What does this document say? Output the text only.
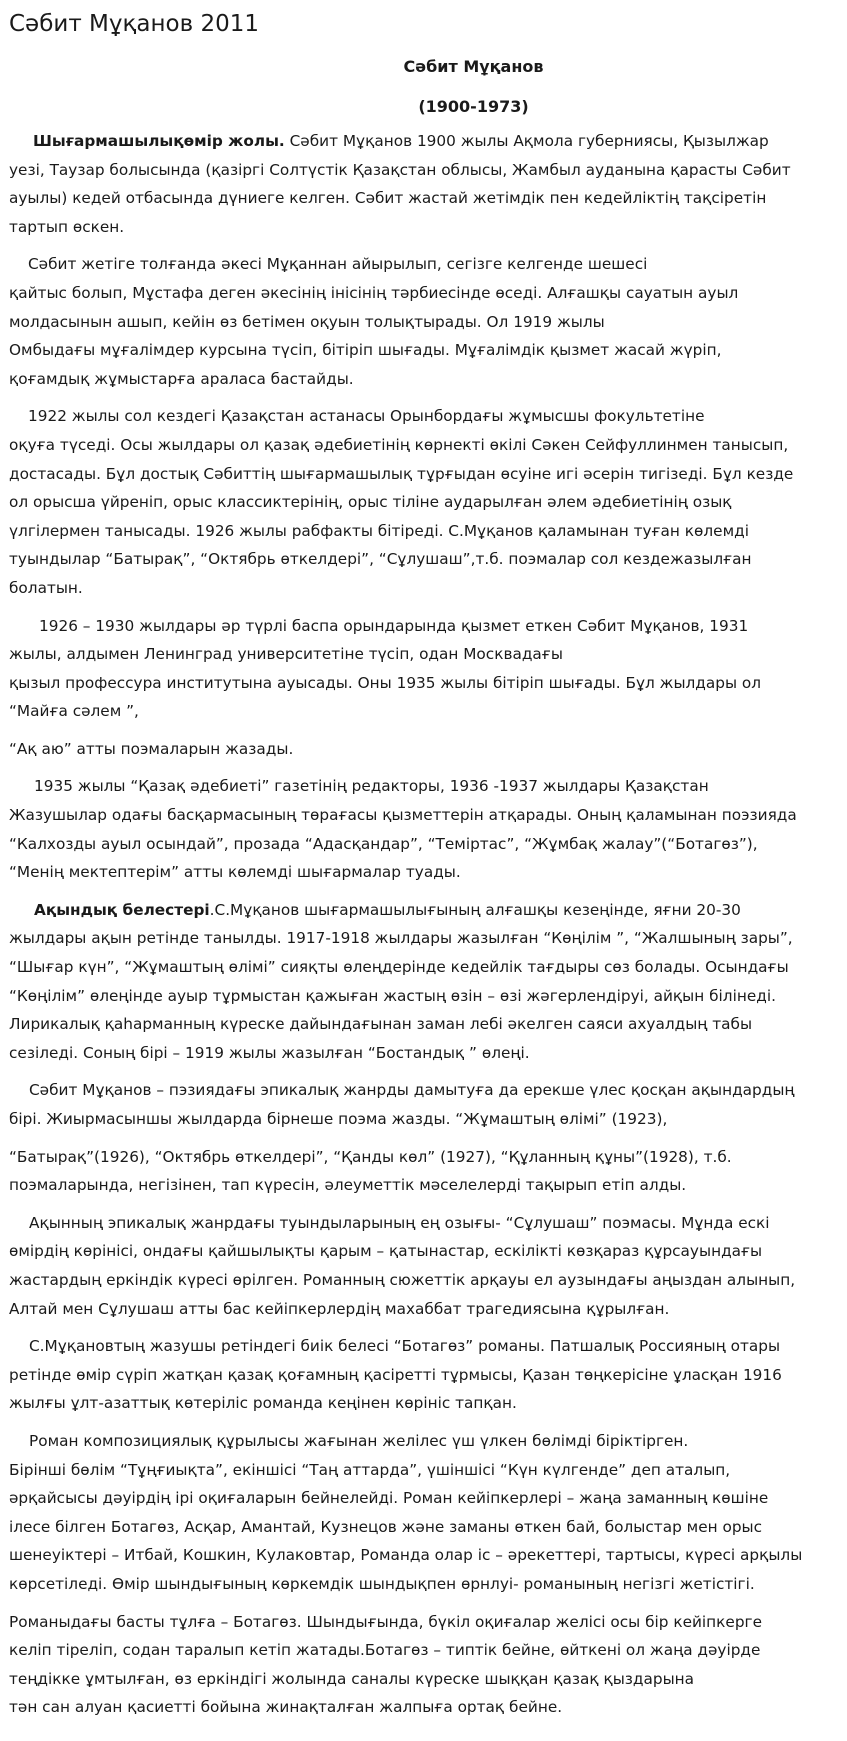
Сәбит Мұқанов 2011

Сәбит Мұқанов

(1900-1973)

Шығармашылықөмір жолы. Сәбит Мұқанов 1900 жылы Ақмола губерниясы, Қызылжар
уезі, Таузар болысында (қазіргі Солтүстік Қазақстан облысы, Жамбыл ауданына қарасты Сәбит
ауылы) кедей отбасында дүниеге келген. Сәбит жастай жетімдік пен кедейліктің тақсіретін
тартып өскен.
Сәбит жетіге толғанда әкесі Мұқаннан айырылып, сегізге келгенде шешесі
қайтыс болып, Мұстафа деген әкесінің інісінің тәрбиесінде өседі. Алғашқы сауатын ауыл
молдасынын ашып, кейін өз бетімен оқуын толықтырады. Ол 1919 жылы
Омбыдағы мұғалімдер курсына түсіп, бітіріп шығады. Мұғалімдік қызмет жасай жүріп,
қоғамдық жұмыстарға араласа бастайды.
1922 жылы сол кездегі Қазақстан астанасы Орынбордағы жұмысшы фокультетіне
оқуға түседі. Осы жылдары ол қазақ әдебиетінің көрнекті өкілі Сәкен Сейфуллинмен танысып,
достасады. Бұл достық Сәбиттің шығармашылық тұрғыдан өсуіне игі әсерін тигізеді. Бұл кезде
ол орысша үйреніп, орыс классиктерінің, орыс тіліне аударылған әлем әдебиетінің озық
үлгілермен танысады. 1926 жылы рабфакты бітіреді. С.Мұқанов қаламынан туған көлемді
туындылар “Батырақ”, “Октябрь өткелдері”, “Сұлушаш”,т.б. поэмалар сол кездежазылған
болатын.
1926 – 1930 жылдары әр түрлі баспа орындарында қызмет еткен Сәбит Мұқанов, 1931
жылы, алдымен Ленинград университетіне түсіп, одан Москвадағы
қызыл профессура институтына ауысады. Оны 1935 жылы бітіріп шығады. Бұл жылдары ол
“Майға сәлем ”,
“Ақ аю” атты поэмаларын жазады.
1935 жылы “Қазақ әдебиеті” газетінің редакторы, 1936 -1937 жылдары Қазақстан
Жазушылар одағы басқармасының төрағасы қызметтерін атқарады. Оның қаламынан поэзияда
“Калхозды ауыл осындай”, прозада “Адасқандар”, “Теміртас”, “Жұмбақ жалау”(“Ботагөз”),
“Менің мектептерім” атты көлемді шығармалар туады.
Ақындық белестері.С.Мұқанов шығармашылығының алғашқы кезеңінде, яғни 20-30
жылдары ақын ретінде танылды. 1917-1918 жылдары жазылған “Көңілім ”, “Жалшының зары”,
“Шығар күн”, “Жұмаштың өлімі” сияқты өлеңдерінде кедейлік тағдыры сөз болады. Осындағы
“Көңілім” өлеңінде ауыр тұрмыстан қажыған жастың өзін – өзі жәгерлендіруі, айқын білінеді.
Лирикалық қаһарманның күреске дайындағынан заман лебі әкелген саяси ахуалдың табы
сезіледі. Соның бірі – 1919 жылы жазылған “Бостандық ” өлеңі.
Сәбит Мұқанов – пэзиядағы эпикалық жанрды дамытуға да ерекше үлес қосқан ақындардың
бірі. Жиырмасыншы жылдарда бірнеше поэма жазды. “Жұмаштың өлімі” (1923),
“Батырақ”(1926), “Октябрь өткелдері”, “Қанды көл” (1927), “Құланның құны”(1928), т.б.
поэмаларында, негізінен, тап күресін, әлеуметтік мәселелерді тақырып етіп алды.
Ақынның эпикалық жанрдағы туындыларының ең озығы- “Сұлушаш” поэмасы. Мұнда ескі
өмірдің көрінісі, ондағы қайшылықты қарым – қатынастар, ескілікті көзқараз құрсауындағы
жастардың еркіндік күресі өрілген. Романның сюжеттік арқауы ел аузындағы аңыздан алынып,
Алтай мен Сұлушаш атты бас кейіпкерлердің махаббат трагедиясына құрылған.
С.Мұқановтың жазушы ретіндегі биік белесі “Ботагөз” романы. Патшалық Россияның отары
ретінде өмір сүріп жатқан қазақ қоғамның қасіретті тұрмысы, Қазан төңкерісіне ұласқан 1916
жылғы ұлт-азаттық көтеріліс романда кеңінен көрініс тапқан.
Роман композициялық құрылысы жағынан желілес үш үлкен бөлімді біріктірген.
Бірінші бөлім “Тұңғиықта”, екіншісі “Таң аттарда”, үшіншісі “Күн күлгенде” деп аталып,
әрқайсысы дәуірдің ірі оқиғаларын бейнелейді. Роман кейіпкерлері – жаңа заманның көшіне
ілесе білген Ботагөз, Асқар, Амантай, Кузнецов және заманы өткен бай, болыстар мен орыс
шенеуіктері – Итбай, Кошкин, Кулаковтар, Романда олар іс – әрекеттері, тартысы, күресі арқылы
көрсетіледі. Өмір шындығының көркемдік шындықпен өрнлуі- романының негізгі жетістігі.
Романыдағы басты тұлға – Ботагөз. Шындығында, бүкіл оқиғалар желісі осы бір кейіпкерге
келіп тіреліп, содан таралып кетіп жатады.Ботагөз – типтік бейне, өйткені ол жаңа дәуірде
теңдікке ұмтылған, өз еркіндігі жолында саналы күреске шыққан қазақ қыздарына
тән сан алуан қасиетті бойына жинақталған жалпыға ортақ бейне.
